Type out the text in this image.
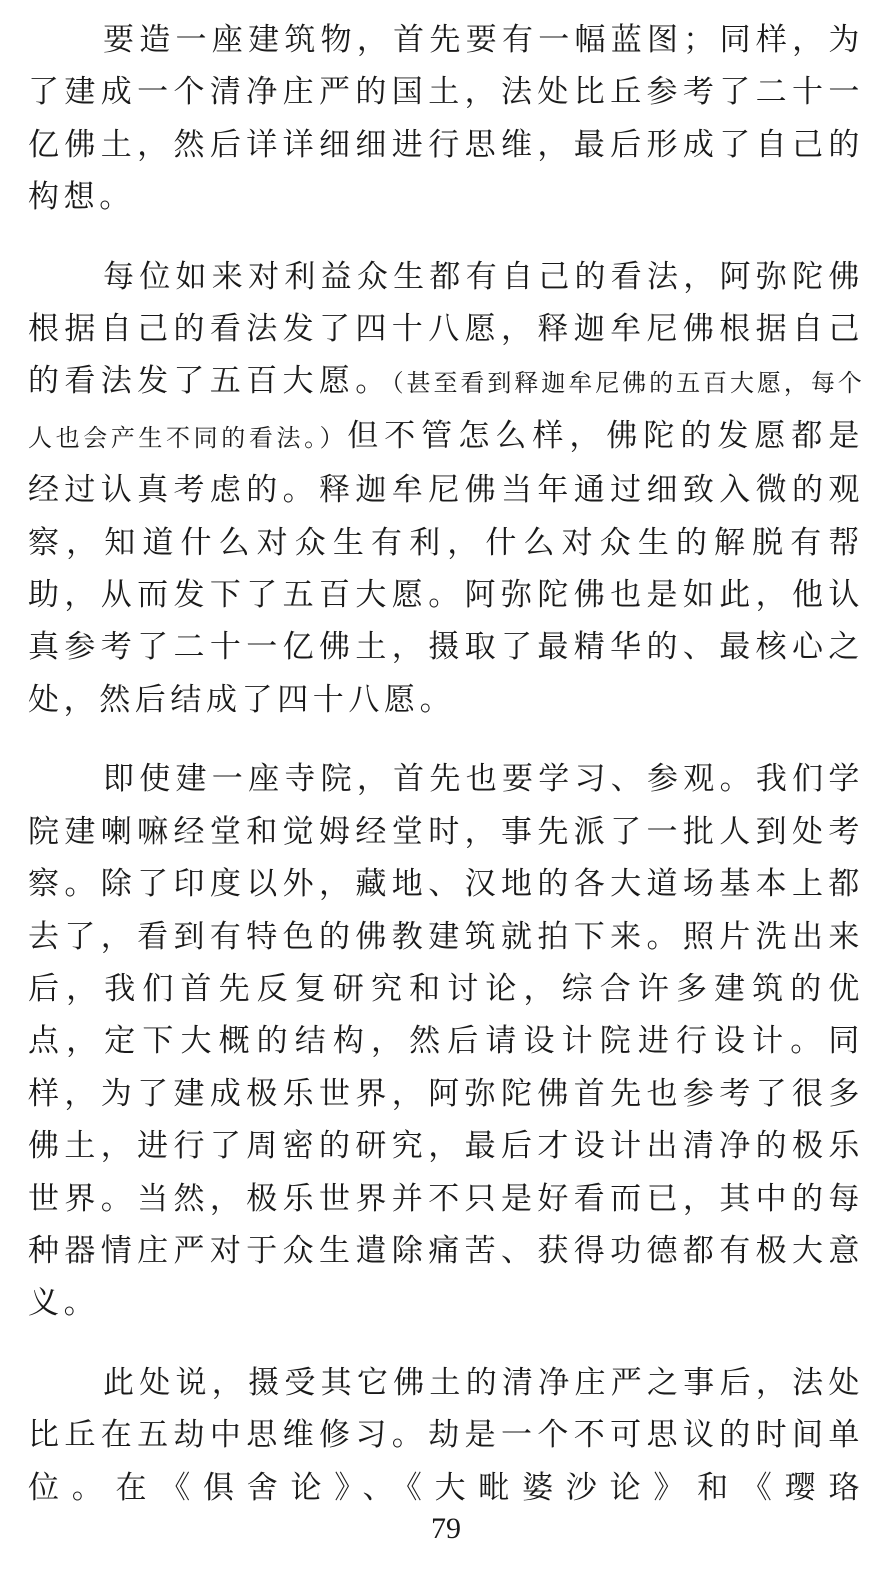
要造一座建筑物，首先要有一幅蓝图；同样，为了建成一个清净庄严的国土，法处比丘参考了二十一亿佛土，然后详详细细进行思维，最后形成了自己的构想。

每位如来对利益众生都有自己的看法，阿弥陀佛根据自己的看法发了四十八愿，释迦牟尼佛根据自己的看法发了五百大愿。（甚至看到释迦牟尼佛的五百大愿，每个人也会产生不同的看法。）但不管怎么样，佛陀的发愿都是经过认真考虑的。释迦牟尼佛当年通过细致入微的观察，知道什么对众生有利，什么对众生的解脱有帮助，从而发下了五百大愿。阿弥陀佛也是如此，他认真参考了二十一亿佛土，摄取了最精华的、最核心之处，然后结成了四十八愿。

即使建一座寺院，首先也要学习、参观。我们学院建喇嘛经堂和觉姆经堂时，事先派了一批人到处考察。除了印度以外，藏地、汉地的各大道场基本上都去了，看到有特色的佛教建筑就拍下来。照片洗出来后，我们首先反复研究和讨论，综合许多建筑的优点，定下大概的结构，然后请设计院进行设计。同样，为了建成极乐世界，阿弥陀佛首先也参考了很多佛土，进行了周密的研究，最后才设计出清净的极乐世界。当然，极乐世界并不只是好看而已，其中的每种器情庄严对于众生遣除痛苦、获得功德都有极大意义。

此处说，摄受其它佛土的清净庄严之事后，法处比丘在五劫中思维修习。劫是一个不可思议的时间单位。在《俱舍论》、《大毗婆沙论》和《璎珞

79
